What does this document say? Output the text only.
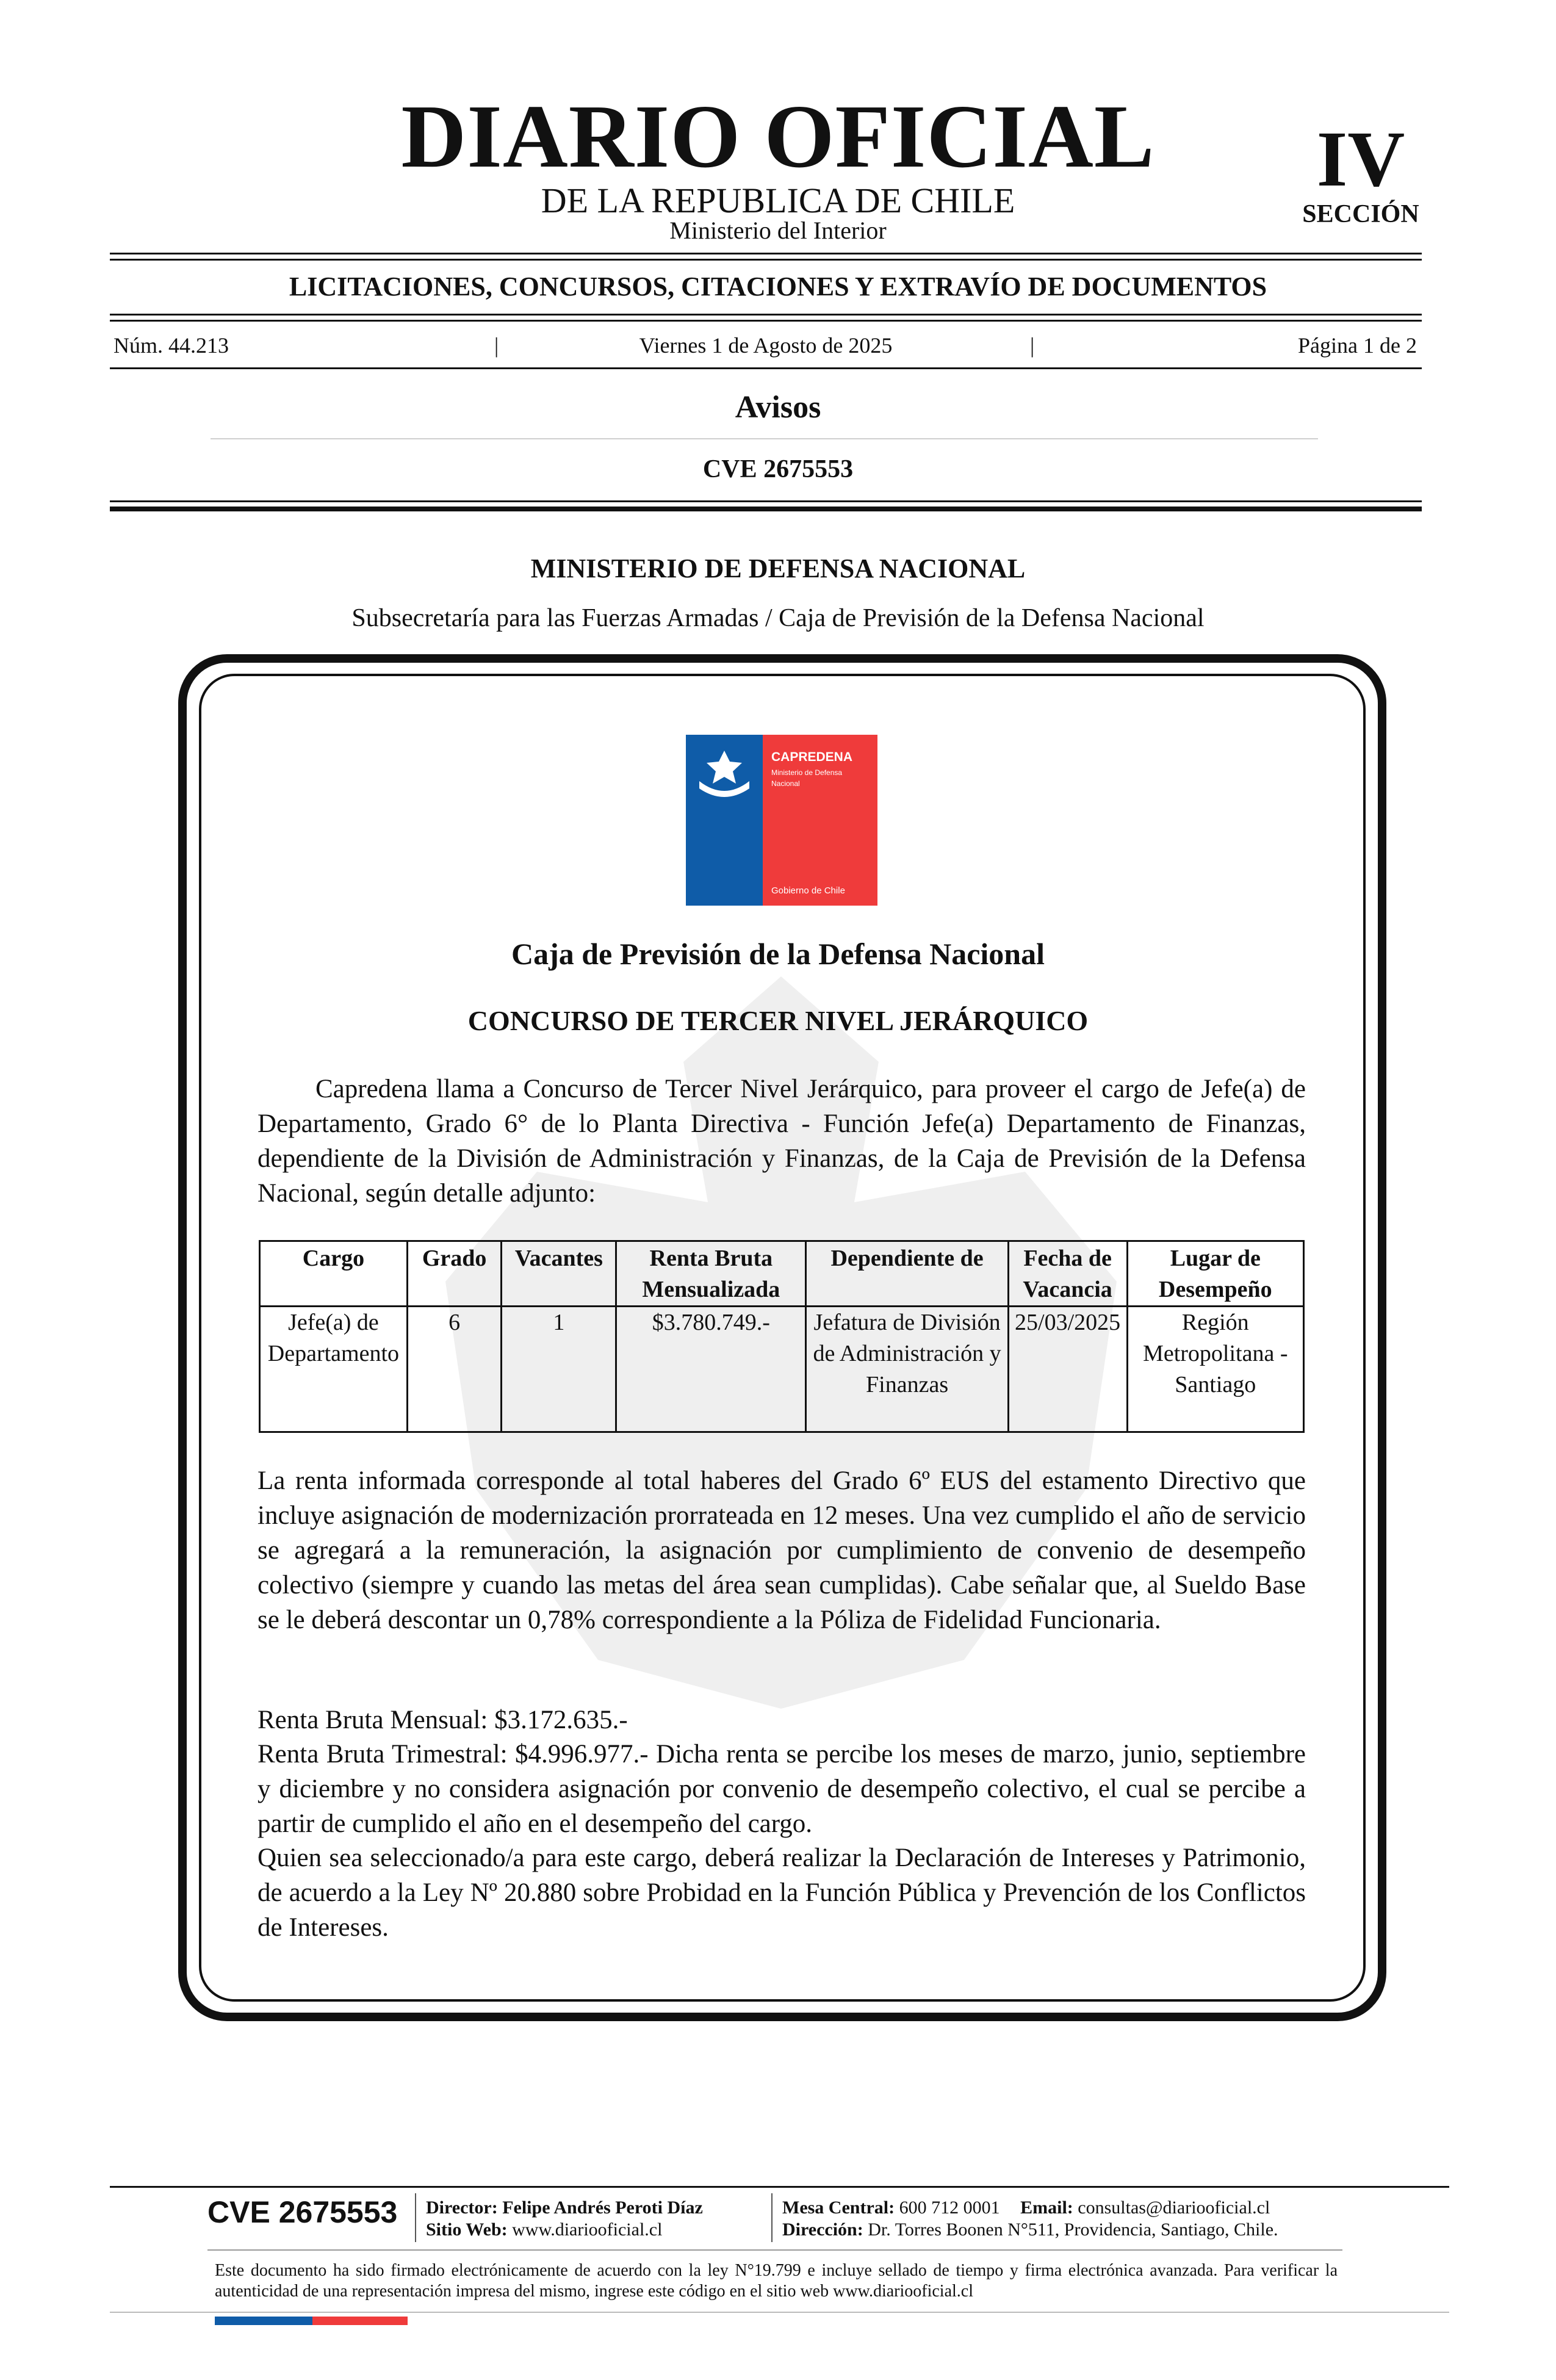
DIARIO OFICIAL
DE LA REPUBLICA DE CHILE
Ministerio del Interior
IV
SECCIÓN
LICITACIONES, CONCURSOS, CITACIONES Y EXTRAVÍO DE DOCUMENTOS
Núm. 44.213	|	Viernes 1 de Agosto de 2025	|	Página 1 de 2
Avisos
CVE 2675553
MINISTERIO DE DEFENSA NACIONAL
Subsecretaría para las Fuerzas Armadas / Caja de Previsión de la Defensa Nacional
CAPREDENA
Ministerio de Defensa
Nacional
Gobierno de Chile
Caja de Previsión de la Defensa Nacional
CONCURSO DE TERCER NIVEL JERÁRQUICO

Capredena llama a Concurso de Tercer Nivel Jerárquico, para proveer el cargo de Jefe(a) de Departamento, Grado 6° de lo Planta Directiva - Función Jefe(a) Departamento de Finanzas, dependiente de la División de Administración y Finanzas, de la Caja de Previsión de la Defensa Nacional, según detalle adjunto:

Cargo	Grado	Vacantes	Renta Bruta Mensualizada	Dependiente de	Fecha de Vacancia	Lugar de Desempeño
Jefe(a) de Departamento	6	1	$3.780.749.-	Jefatura de División de Administración y Finanzas	25/03/2025	Región Metropolitana - Santiago

La renta informada corresponde al total haberes del Grado 6º EUS del estamento Directivo que incluye asignación de modernización prorrateada en 12 meses. Una vez cumplido el año de servicio se agregará a la remuneración, la asignación por cumplimiento de convenio de desempeño colectivo (siempre y cuando las metas del área sean cumplidas). Cabe señalar que, al Sueldo Base se le deberá descontar un 0,78% correspondiente a la Póliza de Fidelidad Funcionaria.

Renta Bruta Mensual: $3.172.635.-

Renta Bruta Trimestral: $4.996.977.- Dicha renta se percibe los meses de marzo, junio, septiembre y diciembre y no considera asignación por convenio de desempeño colectivo, el cual se percibe a partir de cumplido el año en el desempeño del cargo.

Quien sea seleccionado/a para este cargo, deberá realizar la Declaración de Intereses y Patrimonio, de acuerdo a la Ley Nº 20.880 sobre Probidad en la Función Pública y Prevención de los Conflictos de Intereses.

CVE 2675553	Director: Felipe Andrés Peroti Díaz
Sitio Web: www.diariooficial.cl
Mesa Central: 600 712 0001 Email: consultas@diariooficial.cl
Dirección: Dr. Torres Boonen N°511, Providencia, Santiago, Chile.

Este documento ha sido firmado electrónicamente de acuerdo con la ley N°19.799 e incluye sellado de tiempo y firma electrónica avanzada. Para verificar la autenticidad de una representación impresa del mismo, ingrese este código en el sitio web www.diariooficial.cl
